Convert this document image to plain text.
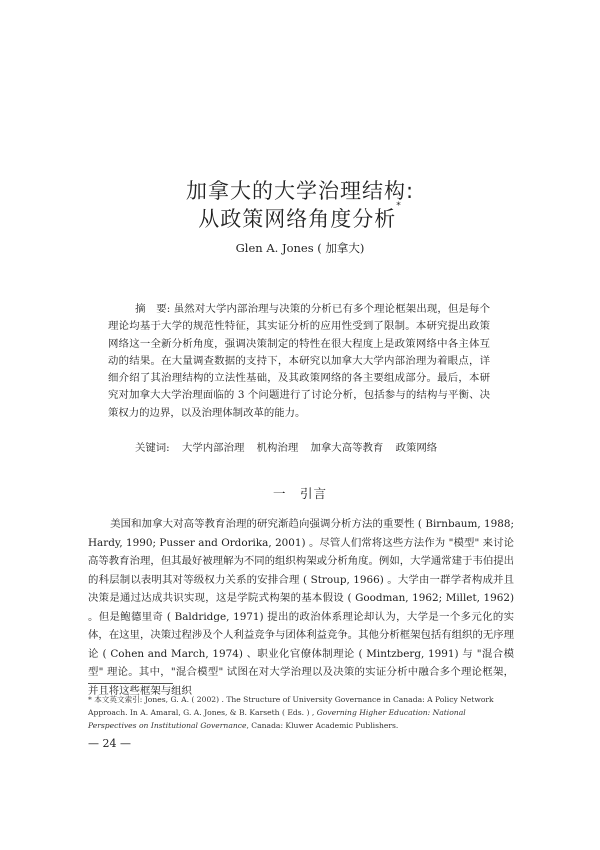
加拿大的大学治理结构:
从政策网络角度分析*
Glen A. Jones ( 加拿大)
摘　要: 虽然对大学内部治理与决策的分析已有多个理论框架出现，但是每个理论均基于大学的规范性特征，其实证分析的应用性受到了限制。本研究提出政策网络这一全新分析角度，强调决策制定的特性在很大程度上是政策网络中各主体互动的结果。在大量调查数据的支持下，本研究以加拿大大学内部治理为着眼点，详细介绍了其治理结构的立法性基础，及其政策网络的各主要组成部分。最后，本研究对加拿大大学治理面临的 3 个问题进行了讨论分析，包括参与的结构与平衡、决策权力的边界，以及治理体制改革的能力。
关键词: 大学内部治理 机构治理 加拿大高等教育 政策网络
一　引言
美国和加拿大对高等教育治理的研究渐趋向强调分析方法的重要性 ( Birnbaum, 1988; Hardy, 1990; Pusser and Ordorika, 2001) 。尽管人们常将这些方法作为 "模型" 来讨论高等教育治理，但其最好被理解为不同的组织构架或分析角度。例如，大学通常建于韦伯提出的科层制以表明其对等级权力关系的安排合理 ( Stroup, 1966) 。大学由一群学者构成并且决策是通过达成共识实现，这是学院式构架的基本假设 ( Goodman, 1962; Millet, 1962) 。但是鲍德里奇 ( Baldridge, 1971) 提出的政治体系理论却认为，大学是一个多元化的实体，在这里，决策过程涉及个人利益竞争与团体利益竞争。其他分析框架包括有组织的无序理论 ( Cohen and March, 1974) 、职业化官僚体制理论 ( Mintzberg, 1991) 与 "混合模型" 理论。其中，"混合模型" 试图在对大学治理以及决策的实证分析中融合多个理论框架，并且将这些框架与组织
* 本文英文索引: Jones, G. A. ( 2002) . The Structure of University Governance in Canada: A Policy Network Approach. In A. Amaral, G. A. Jones, & B. Karseth ( Eds. ) , Governing Higher Education: National Perspectives on Institutional Governance, Canada: Kluwer Academic Publishers.
— 24 —
